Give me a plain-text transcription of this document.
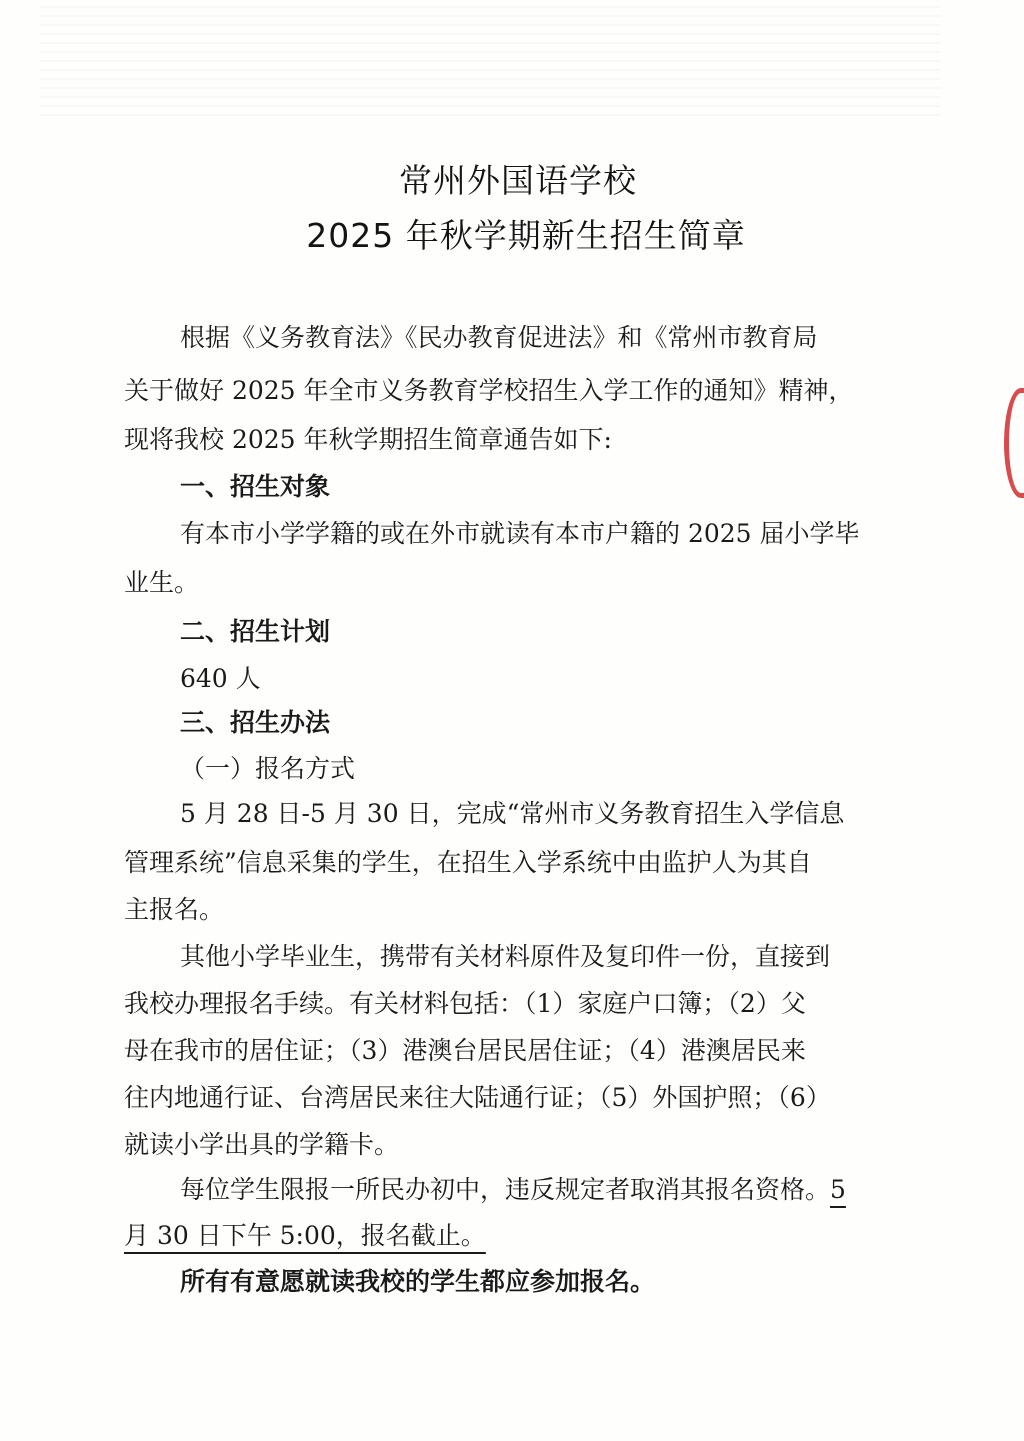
常州外国语学校
2025 年秋学期新生招生简章
根据《义务教育法》《民办教育促进法》和《常州市教育局
关于做好 2025 年全市义务教育学校招生入学工作的通知》精神，
现将我校 2025 年秋学期招生简章通告如下:
一、招生对象
有本市小学学籍的或在外市就读有本市户籍的 2025 届小学毕
业生。
二、招生计划
640 人
三、招生办法
（一）报名方式
5 月 28 日-5 月 30 日，完成“常州市义务教育招生入学信息
管理系统”信息采集的学生，在招生入学系统中由监护人为其自
主报名。
其他小学毕业生，携带有关材料原件及复印件一份，直接到
我校办理报名手续。有关材料包括：（1）家庭户口簿；（2）父
母在我市的居住证；（3）港澳台居民居住证；（4）港澳居民来
往内地通行证、台湾居民来往大陆通行证；（5）外国护照；（6）
就读小学出具的学籍卡。
每位学生限报一所民办初中，违反规定者取消其报名资格。5
月 30 日下午 5:00，报名截止。
所有有意愿就读我校的学生都应参加报名。
